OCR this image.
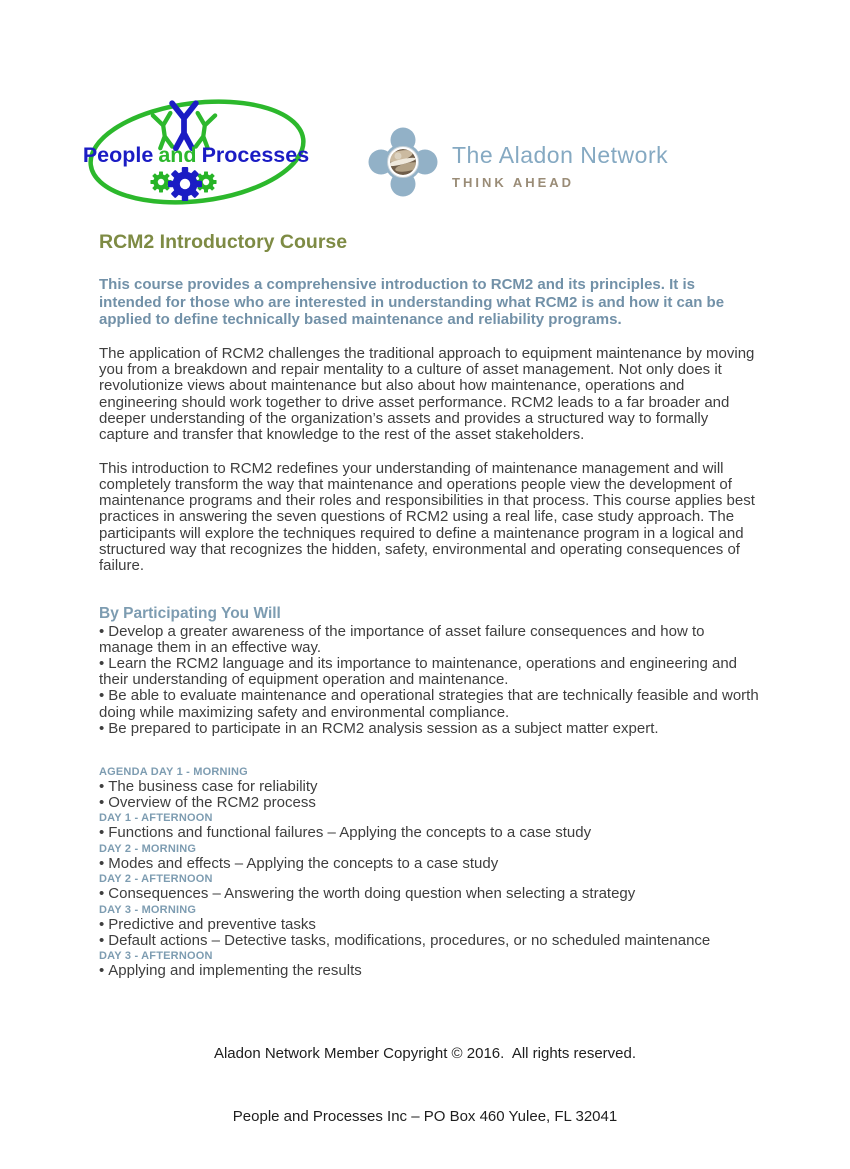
People and Processes	The Aladon Network
THINK AHEAD
RCM2 Introductory Course
This course provides a comprehensive introduction to RCM2 and its principles. It is intended for those who are interested in understanding what RCM2 is and how it can be applied to define technically based maintenance and reliability programs.
The application of RCM2 challenges the traditional approach to equipment maintenance by moving you from a breakdown and repair mentality to a culture of asset management. Not only does it revolutionize views about maintenance but also about how maintenance, operations and engineering should work together to drive asset performance. RCM2 leads to a far broader and deeper understanding of the organization’s assets and provides a structured way to formally capture and transfer that knowledge to the rest of the asset stakeholders.
This introduction to RCM2 redefines your understanding of maintenance management and will completely transform the way that maintenance and operations people view the development of maintenance programs and their roles and responsibilities in that process. This course applies best practices in answering the seven questions of RCM2 using a real life, case study approach. The participants will explore the techniques required to define a maintenance program in a logical and structured way that recognizes the hidden, safety, environmental and operating consequences of failure.
By Participating You Will
• Develop a greater awareness of the importance of asset failure consequences and how to manage them in an effective way.
• Learn the RCM2 language and its importance to maintenance, operations and engineering and their understanding of equipment operation and maintenance.
• Be able to evaluate maintenance and operational strategies that are technically feasible and worth doing while maximizing safety and environmental compliance.
• Be prepared to participate in an RCM2 analysis session as a subject matter expert.
AGENDA DAY 1 - MORNING
• The business case for reliability
• Overview of the RCM2 process
DAY 1 - AFTERNOON
• Functions and functional failures – Applying the concepts to a case study
DAY 2 - MORNING
• Modes and effects – Applying the concepts to a case study
DAY 2 - AFTERNOON
• Consequences – Answering the worth doing question when selecting a strategy
DAY 3 - MORNING
• Predictive and preventive tasks
• Default actions – Detective tasks, modifications, procedures, or no scheduled maintenance
DAY 3 - AFTERNOON
• Applying and implementing the results

Aladon Network Member Copyright © 2016.  All rights reserved.

People and Processes Inc – PO Box 460 Yulee, FL 32041
